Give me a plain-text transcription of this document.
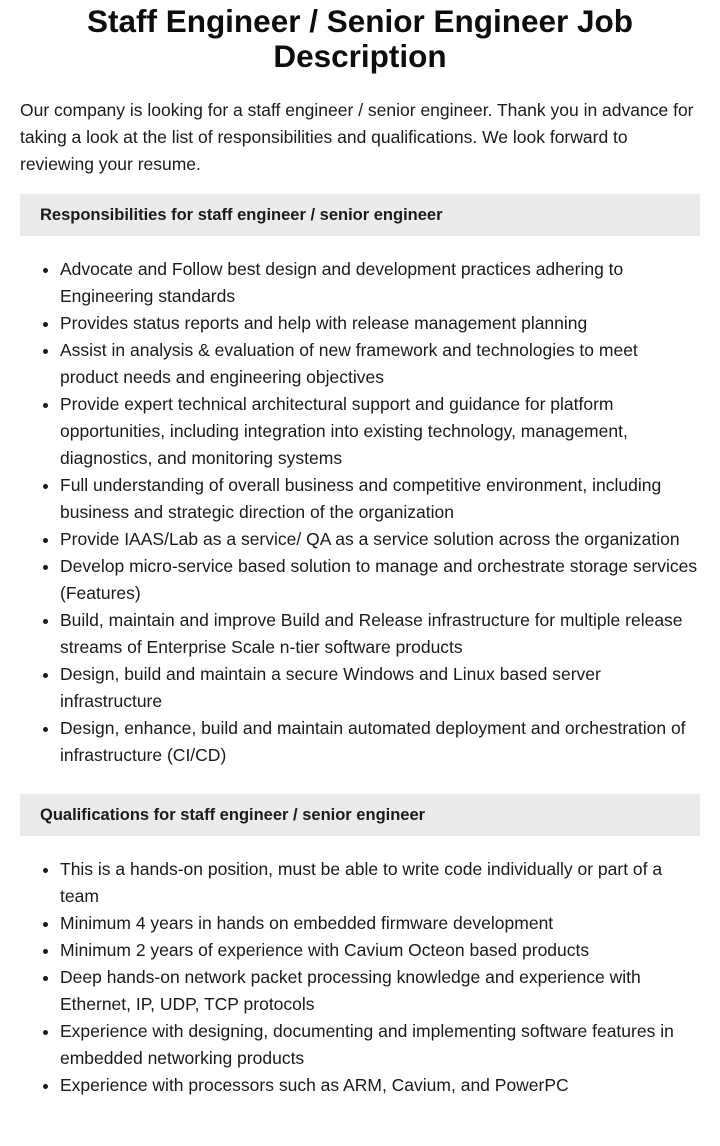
Staff Engineer / Senior Engineer Job Description

Our company is looking for a staff engineer / senior engineer. Thank you in advance for taking a look at the list of responsibilities and qualifications. We look forward to reviewing your resume.

Responsibilities for staff engineer / senior engineer
Advocate and Follow best design and development practices adhering to Engineering standards
Provides status reports and help with release management planning
Assist in analysis & evaluation of new framework and technologies to meet product needs and engineering objectives
Provide expert technical architectural support and guidance for platform opportunities, including integration into existing technology, management, diagnostics, and monitoring systems
Full understanding of overall business and competitive environment, including business and strategic direction of the organization
Provide IAAS/Lab as a service/ QA as a service solution across the organization
Develop micro-service based solution to manage and orchestrate storage services (Features)
Build, maintain and improve Build and Release infrastructure for multiple release streams of Enterprise Scale n-tier software products
Design, build and maintain a secure Windows and Linux based server infrastructure
Design, enhance, build and maintain automated deployment and orchestration of infrastructure (CI/CD)
Qualifications for staff engineer / senior engineer
This is a hands-on position, must be able to write code individually or part of a team
Minimum 4 years in hands on embedded firmware development
Minimum 2 years of experience with Cavium Octeon based products
Deep hands-on network packet processing knowledge and experience with Ethernet, IP, UDP, TCP protocols
Experience with designing, documenting and implementing software features in embedded networking products
Experience with processors such as ARM, Cavium, and PowerPC
